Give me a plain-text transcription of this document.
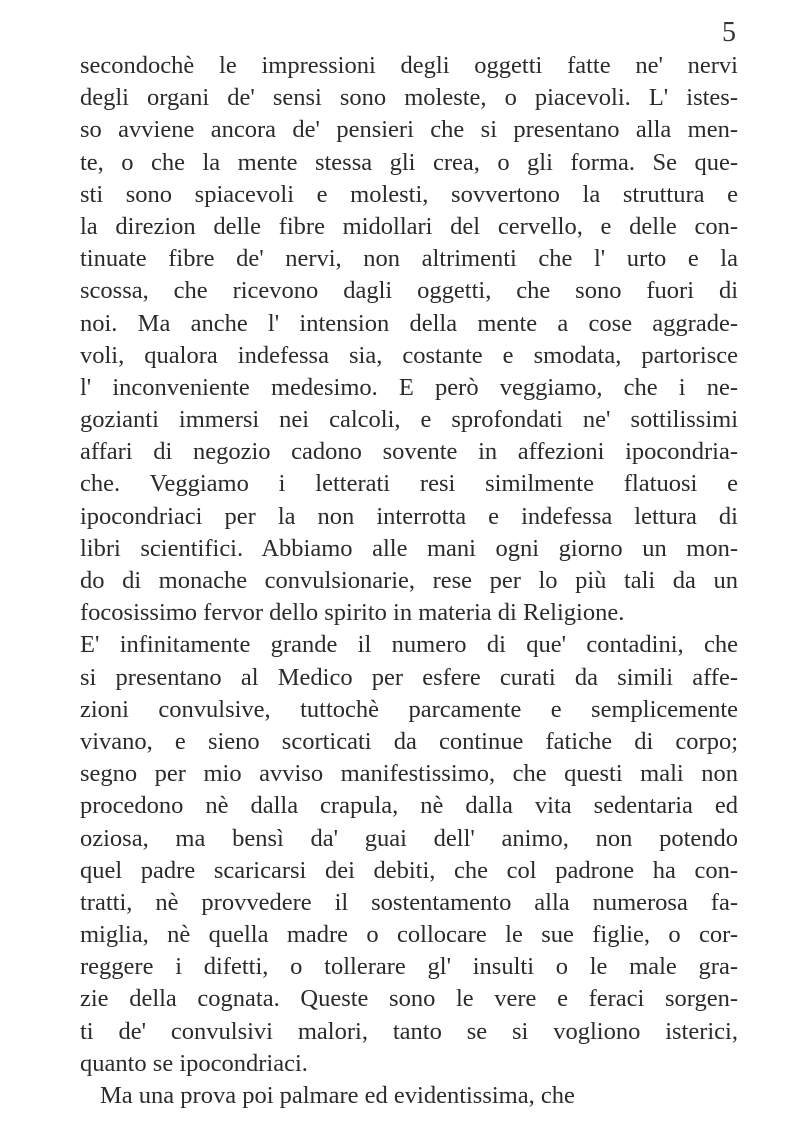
5
secondochè le impressioni degli oggetti fatte ne' nervi
degli organi de' sensi sono moleste, o piacevoli. L' istes-
so avviene ancora de' pensieri che si presentano alla men-
te, o che la mente stessa gli crea, o gli forma. Se que-
sti sono spiacevoli e molesti, sovvertono la struttura e
la direzion delle fibre midollari del cervello, e delle con-
tinuate fibre de' nervi, non altrimenti che l' urto e la
scossa, che ricevono dagli oggetti, che sono fuori di
noi. Ma anche l' intension della mente a cose aggrade-
voli, qualora indefessa sia, costante e smodata, partorisce
l' inconveniente medesimo. E però veggiamo, che i ne-
gozianti immersi nei calcoli, e sprofondati ne' sottilissimi
affari di negozio cadono sovente in affezioni ipocondria-
che. Veggiamo i letterati resi similmente flatuosi e
ipocondriaci per la non interrotta e indefessa lettura di
libri scientifici. Abbiamo alle mani ogni giorno un mon-
do di monache convulsionarie, rese per lo più tali da un
focosissimo fervor dello spirito in materia di Religione.
E' infinitamente grande il numero di que' contadini, che
si presentano al Medico per esfere curati da simili affe-
zioni convulsive, tuttochè parcamente e semplicemente
vivano, e sieno scorticati da continue fatiche di corpo;
segno per mio avviso manifestissimo, che questi mali non
procedono nè dalla crapula, nè dalla vita sedentaria ed
oziosa, ma bensì da' guai dell' animo, non potendo
quel padre scaricarsi dei debiti, che col padrone ha con-
tratti, nè provvedere il sostentamento alla numerosa fa-
miglia, nè quella madre o collocare le sue figlie, o cor-
reggere i difetti, o tollerare gl' insulti o le male gra-
zie della cognata. Queste sono le vere e feraci sorgen-
ti de' convulsivi malori, tanto se si vogliono isterici,
quanto se ipocondriaci.
Ma una prova poi palmare ed evidentissima, che
